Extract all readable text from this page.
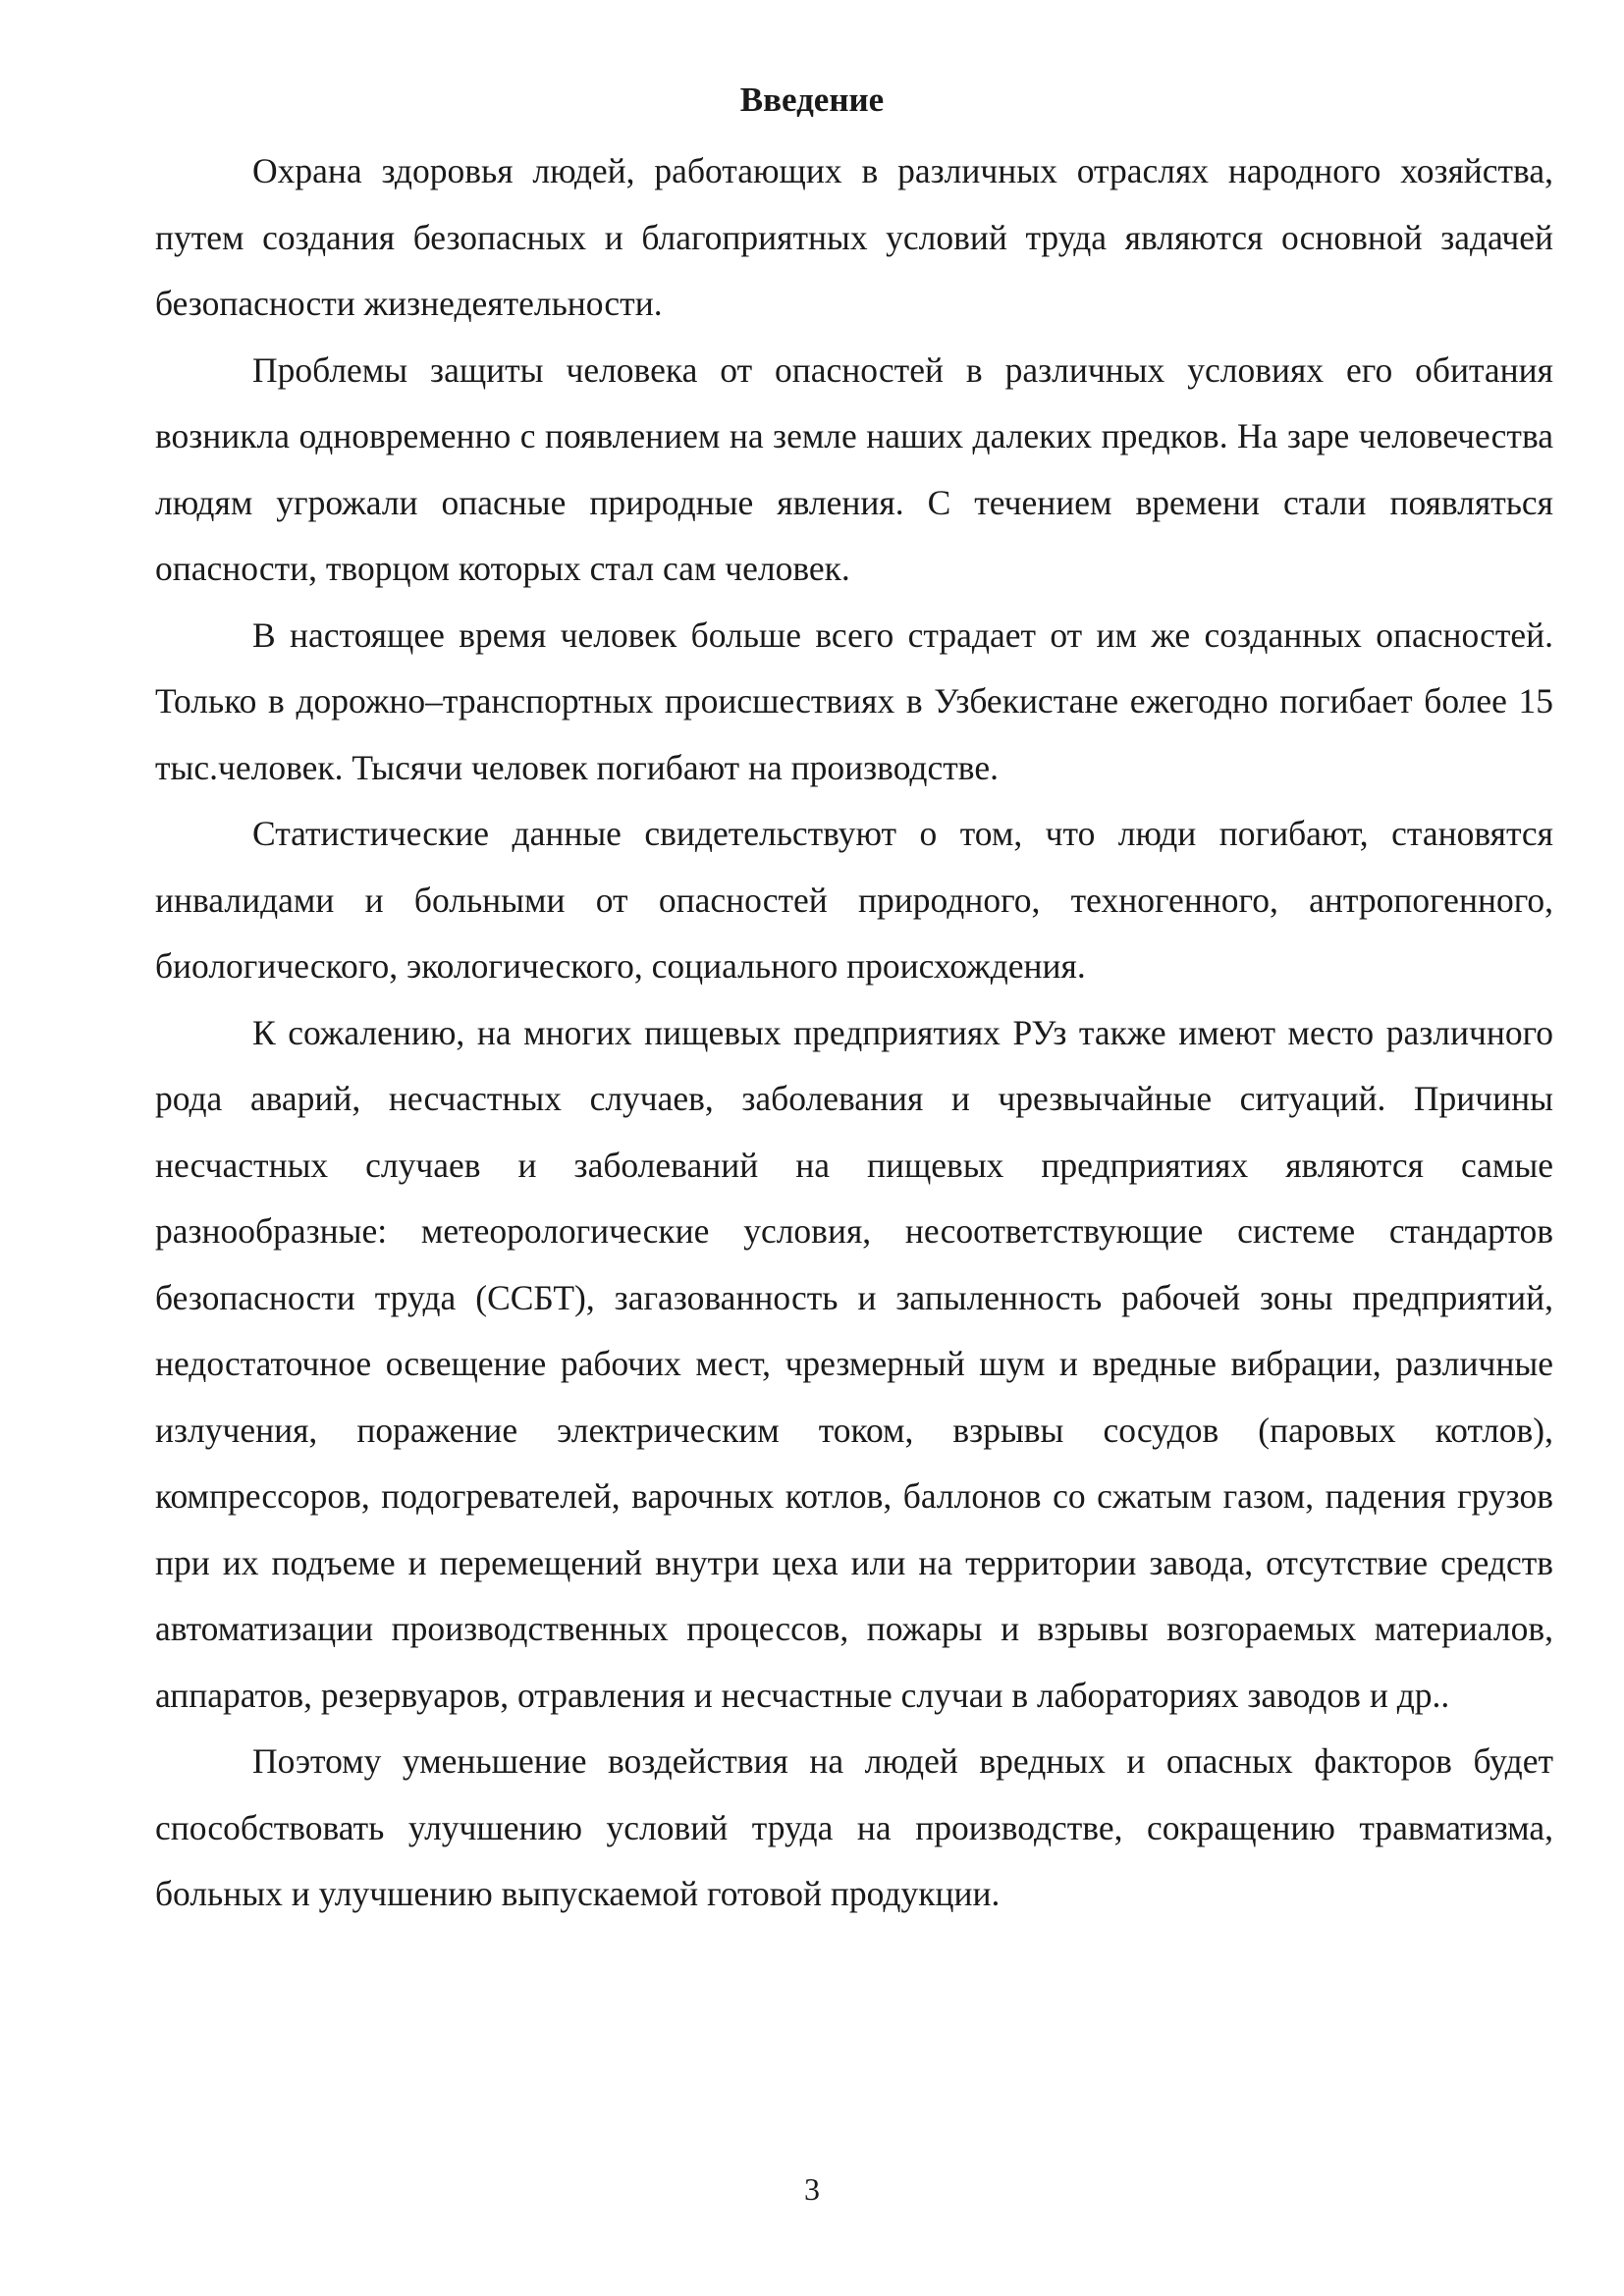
Введение

Охрана здоровья людей, работающих в различных отраслях народного хозяйства, путем создания безопасных и благоприятных условий труда являются основной задачей безопасности жизнедеятельности.

Проблемы защиты человека от опасностей в различных условиях его обитания возникла одновременно с появлением на земле наших далеких предков. На заре человечества людям угрожали опасные природные явления. С течением времени стали появляться опасности, творцом которых стал сам человек.

В настоящее время человек больше всего страдает от им же созданных опасностей. Только в дорожно–транспортных происшествиях в Узбекистане ежегодно погибает более 15 тыс.человек. Тысячи человек погибают на производстве.

Статистические данные свидетельствуют о том, что люди погибают, становятся инвалидами и больными от опасностей природного, техногенного, антропогенного, биологического, экологического, социального происхождения.

К сожалению, на многих пищевых предприятиях РУз также имеют место различного рода аварий, несчастных случаев, заболевания и чрезвычайные ситуаций. Причины несчастных случаев и заболеваний на пищевых предприятиях являются самые разнообразные: метеорологические условия, несоответствующие системе стандартов безопасности труда (ССБТ), загазованность и запыленность рабочей зоны предприятий, недостаточное освещение рабочих мест, чрезмерный шум и вредные вибрации, различные излучения, поражение электрическим током, взрывы сосудов (паровых котлов), компрессоров, подогревателей, варочных котлов, баллонов со сжатым газом, падения грузов при их подъеме и перемещений внутри цеха или на территории завода, отсутствие средств автоматизации производственных процессов, пожары и взрывы возгораемых материалов, аппаратов, резервуаров, отравления и несчастные случаи в лабораториях заводов и др..

Поэтому уменьшение воздействия на людей вредных и опасных факторов будет способствовать улучшению условий труда на производстве, сокращению травматизма, больных и улучшению выпускаемой готовой продукции.

3
